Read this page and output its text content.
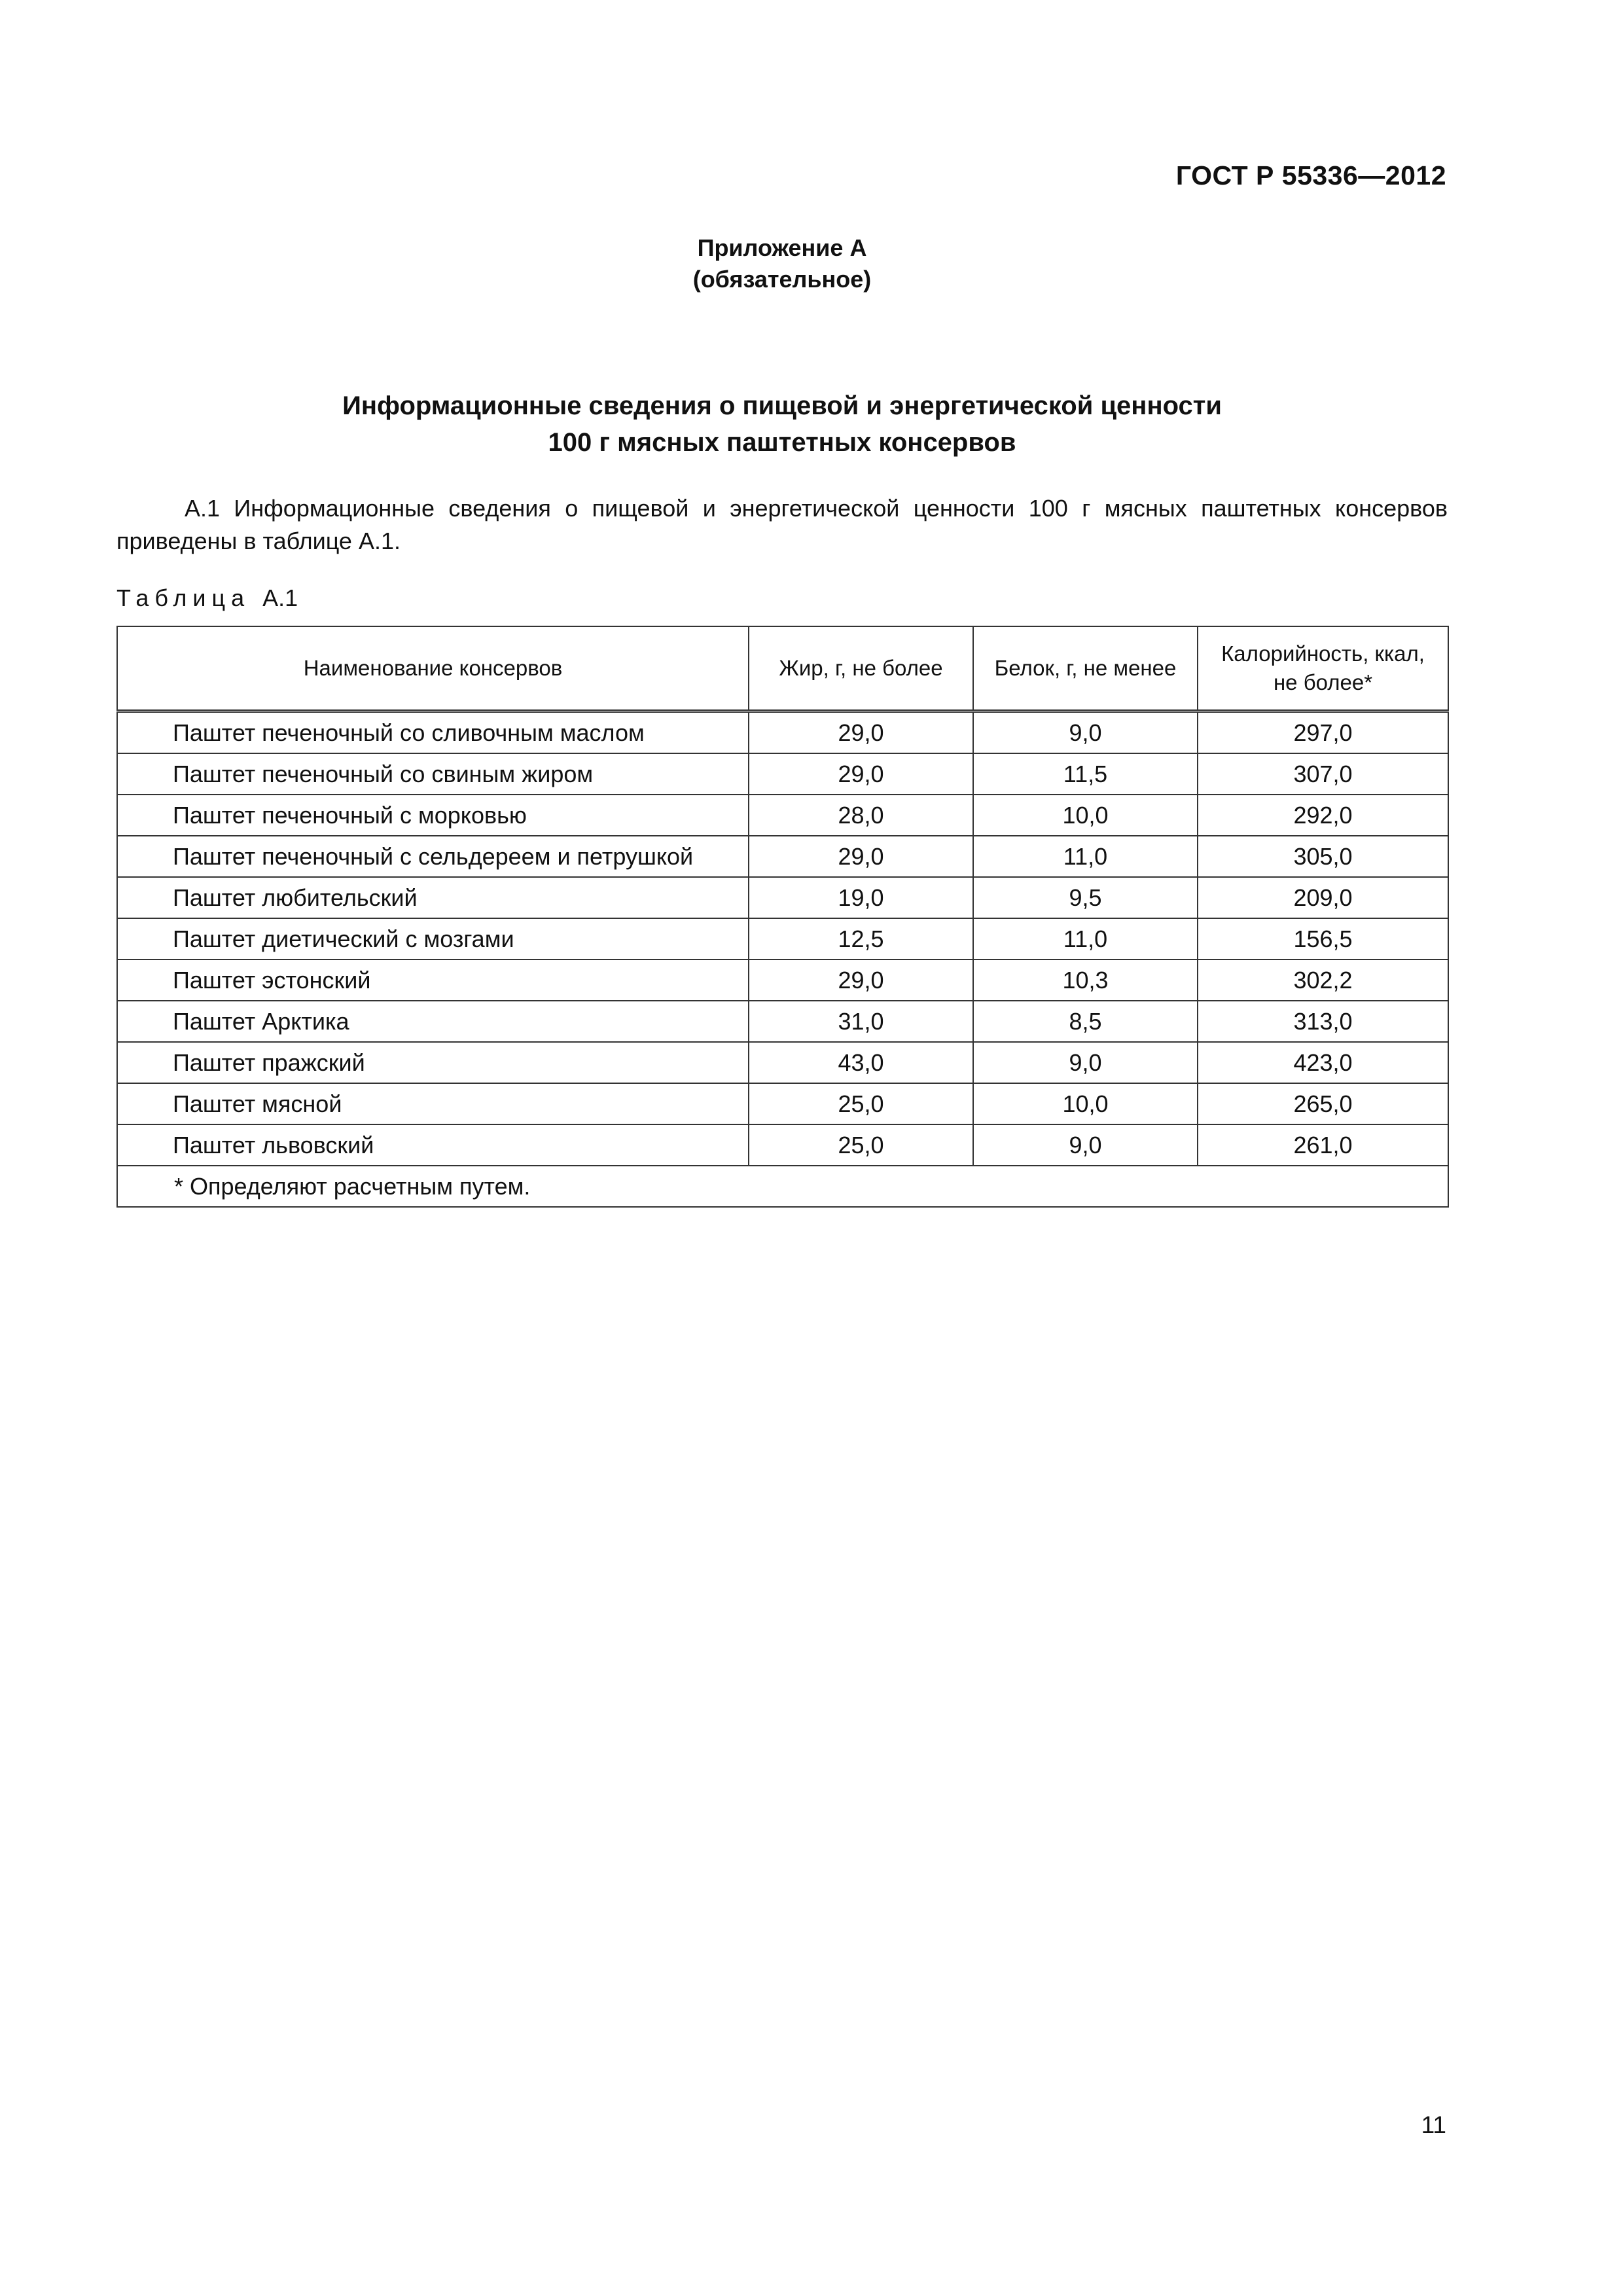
ГОСТ Р 55336—2012
Приложение А
(обязательное)
Информационные сведения о пищевой и энергетической ценности
100 г мясных паштетных консервов
А.1 Информационные сведения о пищевой и энергетической ценности 100 г мясных паштетных консервов
приведены в таблице А.1.
Таблица А.1
Наименование консервов	Жир, г, не более	Белок, г, не менее	Калорийность, ккал,
не более*
Паштет печеночный со сливочным маслом	29,0	9,0	297,0
Паштет печеночный со свиным жиром	29,0	11,5	307,0
Паштет печеночный с морковью	28,0	10,0	292,0
Паштет печеночный с сельдереем и петрушкой	29,0	11,0	305,0
Паштет любительский	19,0	9,5	209,0
Паштет диетический с мозгами	12,5	11,0	156,5
Паштет эстонский	29,0	10,3	302,2
Паштет Арктика	31,0	8,5	313,0
Паштет пражский	43,0	9,0	423,0
Паштет мясной	25,0	10,0	265,0
Паштет львовский	25,0	9,0	261,0
* Определяют расчетным путем.			
11
